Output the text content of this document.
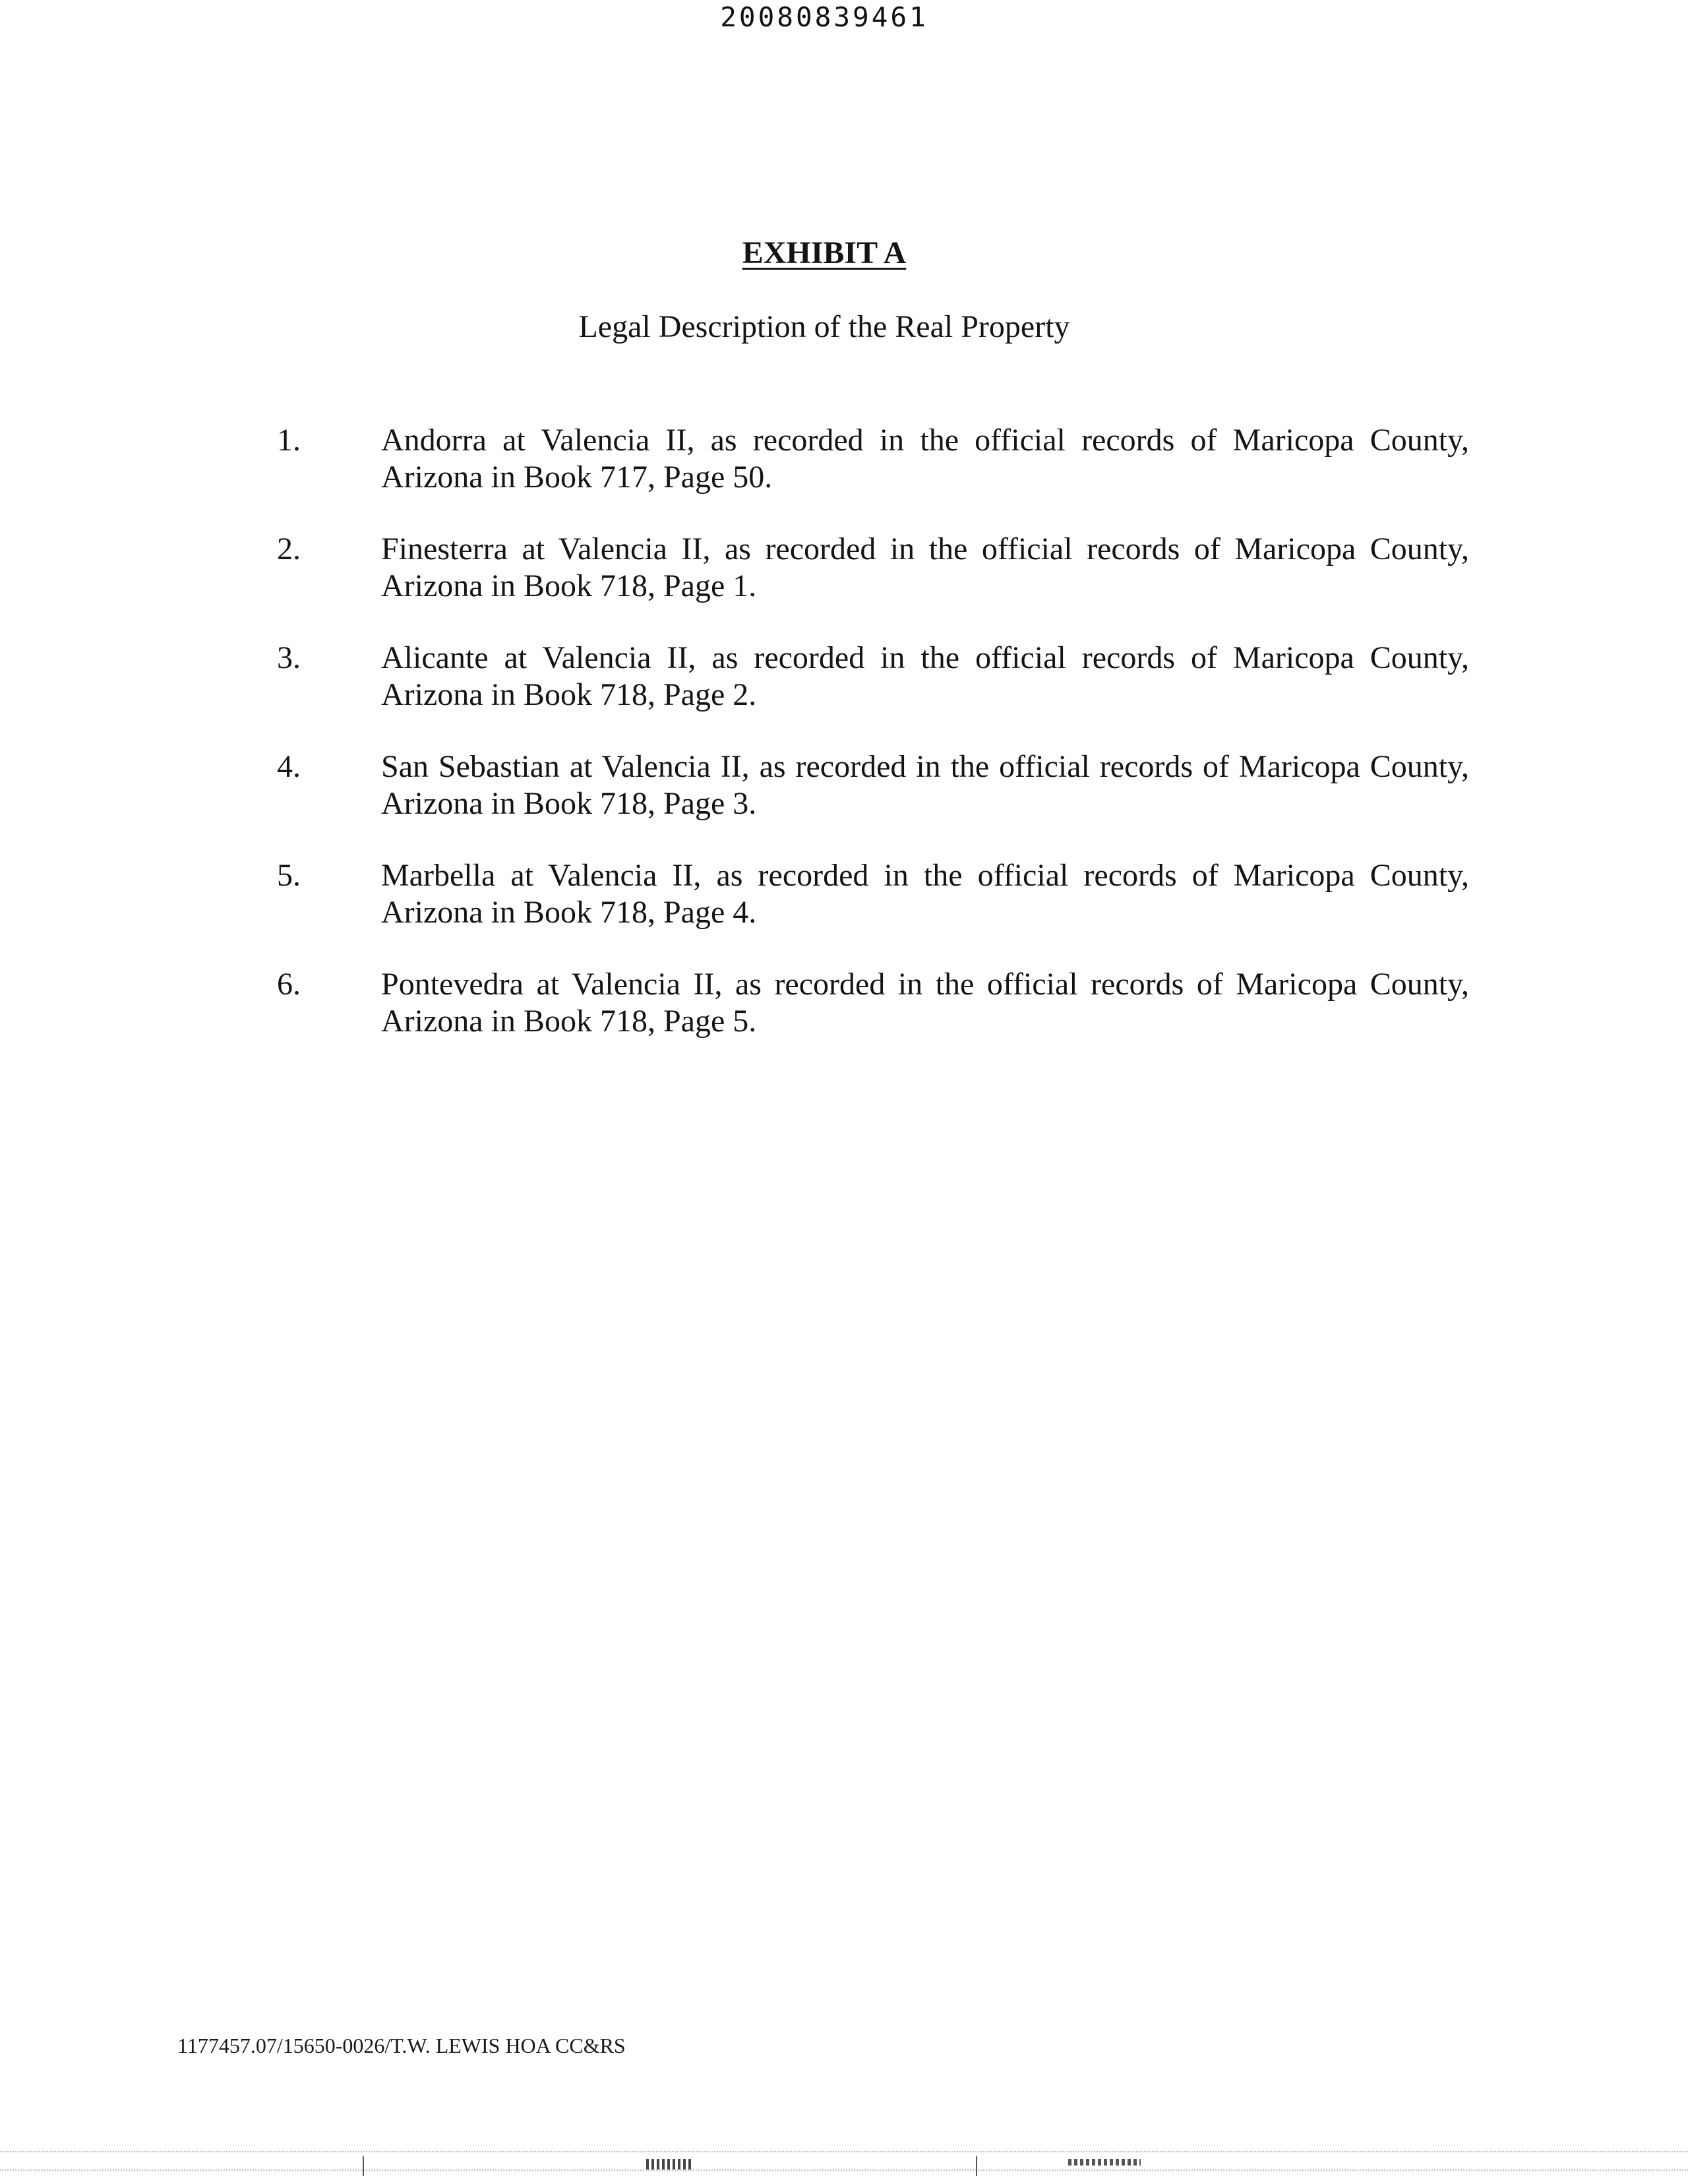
20080839461
EXHIBIT A
Legal Description of the Real Property
1.	Andorra at Valencia II, as recorded in the official records of Maricopa County, Arizona in Book 717, Page 50.
2.	Finesterra at Valencia II, as recorded in the official records of Maricopa County, Arizona in Book 718, Page 1.
3.	Alicante at Valencia II, as recorded in the official records of Maricopa County, Arizona in Book 718, Page 2.
4.	San Sebastian at Valencia II, as recorded in the official records of Maricopa County, Arizona in Book 718, Page 3.
5.	Marbella at Valencia II, as recorded in the official records of Maricopa County, Arizona in Book 718, Page 4.
6.	Pontevedra at Valencia II, as recorded in the official records of Maricopa County, Arizona in Book 718, Page 5.
1177457.07/15650-0026/T.W. LEWIS HOA CC&RS
